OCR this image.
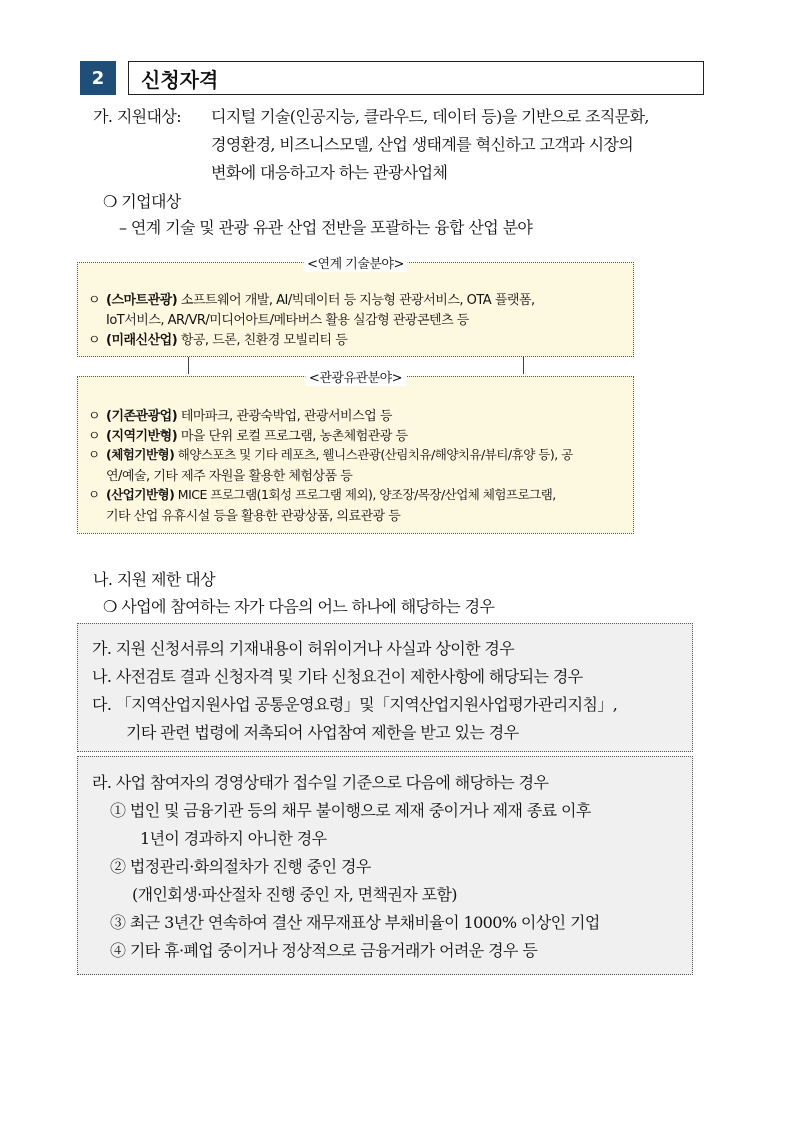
2	신청자격
가. 지원대상: 디지털 기술(인공지능, 클라우드, 데이터 등)을 기반으로 조직문화,
경영환경, 비즈니스모델, 산업 생태계를 혁신하고 고객과 시장의
변화에 대응하고자 하는 관광사업체
❍ 기업대상
– 연계 기술 및 관광 유관 산업 전반을 포괄하는 융합 산업 분야
<연계 기술분야>
ㅇ (스마트관광) 소프트웨어 개발, AI/빅데이터 등 지능형 관광서비스, OTA 플랫폼,
IoT서비스, AR/VR/미디어아트/메타버스 활용 실감형 관광콘텐츠 등
ㅇ (미래신산업) 항공, 드론, 친환경 모빌리티 등
<관광유관분야>
ㅇ (기존관광업) 테마파크, 관광숙박업, 관광서비스업 등
ㅇ (지역기반형) 마을 단위 로컬 프로그램, 농촌체험관광 등
ㅇ (체험기반형) 해양스포츠 및 기타 레포츠, 웰니스관광(산림치유/해양치유/뷰티/휴양 등), 공
연/예술, 기타 제주 자원을 활용한 체험상품 등
ㅇ (산업기반형) MICE 프로그램(1회성 프로그램 제외), 양조장/목장/산업체 체험프로그램,
기타 산업 유휴시설 등을 활용한 관광상품, 의료관광 등
나. 지원 제한 대상
❍ 사업에 참여하는 자가 다음의 어느 하나에 해당하는 경우
가. 지원 신청서류의 기재내용이 허위이거나 사실과 상이한 경우
나. 사전검토 결과 신청자격 및 기타 신청요건이 제한사항에 해당되는 경우
다. 「지역산업지원사업 공통운영요령」및「지역산업지원사업평가관리지침」,
기타 관련 법령에 저촉되어 사업참여 제한을 받고 있는 경우
라. 사업 참여자의 경영상태가 접수일 기준으로 다음에 해당하는 경우
① 법인 및 금융기관 등의 채무 불이행으로 제재 중이거나 제재 종료 이후
1년이 경과하지 아니한 경우
② 법정관리·화의절차가 진행 중인 경우
(개인회생·파산절차 진행 중인 자, 면책권자 포함)
③ 최근 3년간 연속하여 결산 재무재표상 부채비율이 1000% 이상인 기업
④ 기타 휴·폐업 중이거나 정상적으로 금융거래가 어려운 경우 등
